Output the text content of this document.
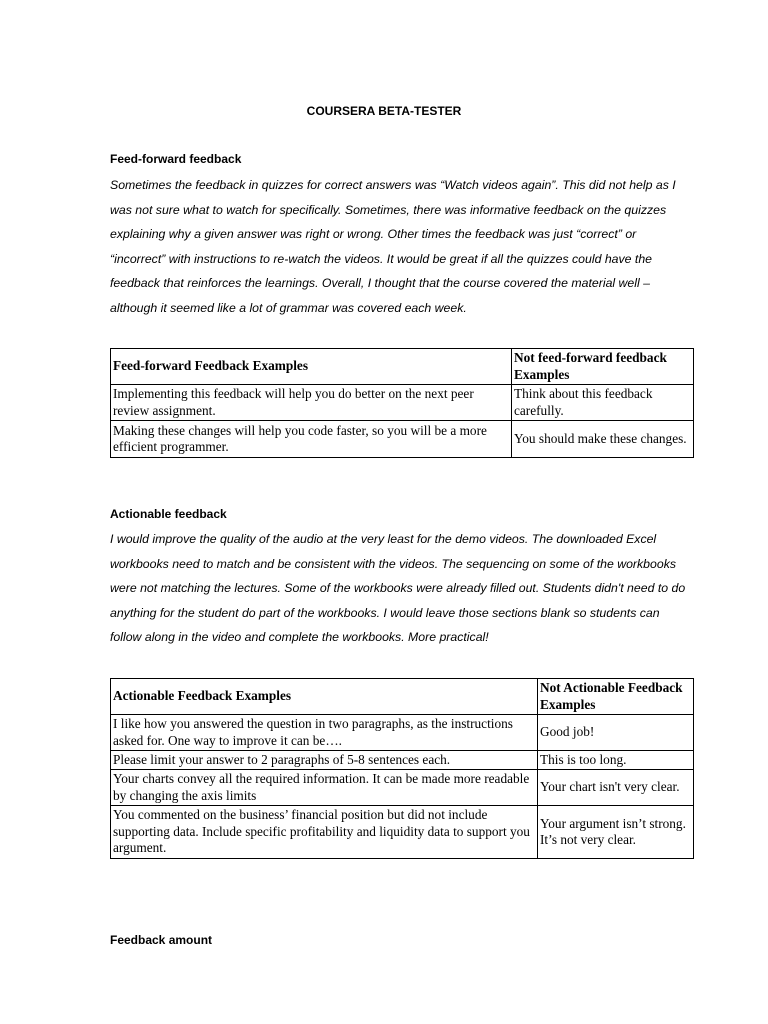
COURSERA BETA-TESTER
Feed-forward feedback
Sometimes the feedback in quizzes for correct answers was “Watch videos again”. This did not help as I was not sure what to watch for specifically. Sometimes, there was informative feedback on the quizzes explaining why a given answer was right or wrong. Other times the feedback was just “correct” or “incorrect” with instructions to re-watch the videos. It would be great if all the quizzes could have the feedback that reinforces the learnings. Overall, I thought that the course covered the material well – although it seemed like a lot of grammar was covered each week.
Feed-forward Feedback Examples	Not feed-forward feedback Examples
Implementing this feedback will help you do better on the next peer review assignment.	Think about this feedback carefully.
Making these changes will help you code faster, so you will be a more efficient programmer.	You should make these changes.
Actionable feedback
I would improve the quality of the audio at the very least for the demo videos. The downloaded Excel workbooks need to match and be consistent with the videos. The sequencing on some of the workbooks were not matching the lectures. Some of the workbooks were already filled out. Students didn't need to do anything for the student do part of the workbooks. I would leave those sections blank so students can follow along in the video and complete the workbooks. More practical!
Actionable Feedback Examples	Not Actionable Feedback Examples
I like how you answered the question in two paragraphs, as the instructions asked for. One way to improve it can be….	Good job!
Please limit your answer to 2 paragraphs of 5-8 sentences each.	This is too long.
Your charts convey all the required information. It can be made more readable by changing the axis limits	Your chart isn't very clear.
You commented on the business’ financial position but did not include supporting data. Include specific profitability and liquidity data to support you argument.	Your argument isn’t strong. It’s not very clear.
Feedback amount
